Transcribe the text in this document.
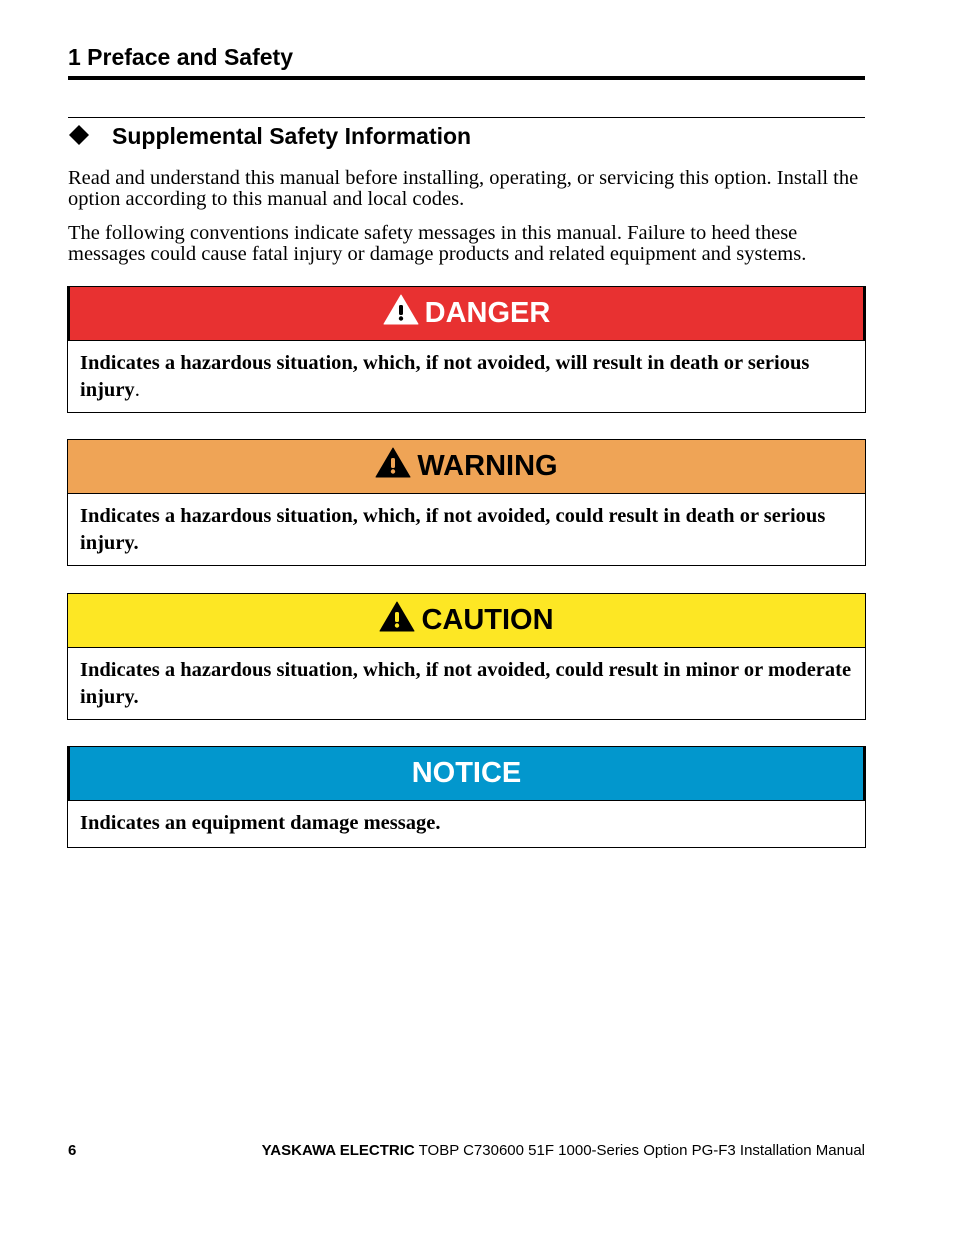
1 Preface and Safety
Supplemental Safety Information

Read and understand this manual before installing, operating, or servicing this option. Install the option according to this manual and local codes.

The following conventions indicate safety messages in this manual. Failure to heed these messages could cause fatal injury or damage products and related equipment and systems.

DANGER
Indicates a hazardous situation, which, if not avoided, will result in death or serious injury.
WARNING
Indicates a hazardous situation, which, if not avoided, could result in death or serious injury.
CAUTION
Indicates a hazardous situation, which, if not avoided, could result in minor or moderate injury.
NOTICE
Indicates an equipment damage message.
6	YASKAWA ELECTRIC TOBP C730600 51F 1000-Series Option PG-F3 Installation Manual
